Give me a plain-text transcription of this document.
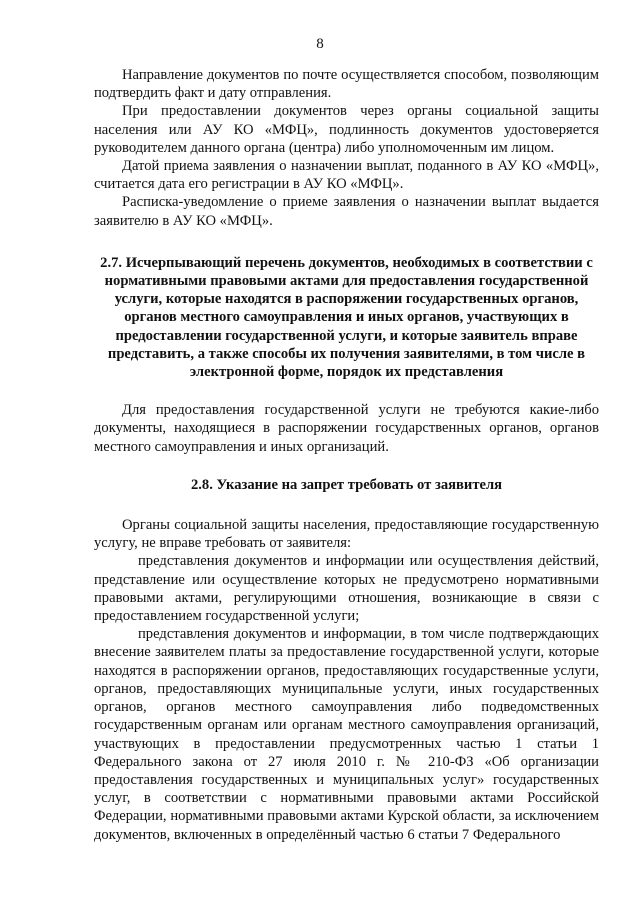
8

Направление документов по почте осуществляется способом, позволяющим подтвердить факт и дату отправления.

При предоставлении документов через органы социальной защиты населения или АУ КО «МФЦ», подлинность документов удостоверяется руководителем данного органа (центра) либо уполномоченным им лицом.

Датой приема заявления о назначении выплат, поданного в АУ КО «МФЦ», считается дата его регистрации в АУ КО «МФЦ».

Расписка-уведомление о приеме заявления о назначении выплат выдается заявителю в АУ КО «МФЦ».

2.7. Исчерпывающий перечень документов, необходимых в соответствии с нормативными правовыми актами для предоставления государственной услуги, которые находятся в распоряжении государственных органов, органов местного самоуправления и иных органов, участвующих в предоставлении государственной услуги, и которые заявитель вправе представить, а также способы их получения заявителями, в том числе в электронной форме, порядок их представления

Для предоставления государственной услуги не требуются какие-либо документы, находящиеся в распоряжении государственных органов, органов местного самоуправления и иных организаций.

2.8. Указание на запрет требовать от заявителя

Органы социальной защиты населения, предоставляющие государственную услугу, не вправе требовать от заявителя:

представления документов и информации или осуществления действий, представление или осуществление которых не предусмотрено нормативными правовыми актами, регулирующими отношения, возникающие в связи с предоставлением государственной услуги;

представления документов и информации, в том числе подтверждающих внесение заявителем платы за предоставление государственной услуги, которые находятся в распоряжении органов, предоставляющих государственные услуги, органов, предоставляющих муниципальные услуги, иных государственных органов, органов местного самоуправления либо подведомственных государственным органам или органам местного самоуправления организаций, участвующих в предоставлении предусмотренных частью 1 статьи 1 Федерального закона от 27 июля 2010 г. № 210-ФЗ «Об организации предоставления государственных и муниципальных услуг» государственных услуг, в соответствии с нормативными правовыми актами Российской Федерации, нормативными правовыми актами Курской области, за исключением документов, включенных в определённый частью 6 статьи 7 Федерального
